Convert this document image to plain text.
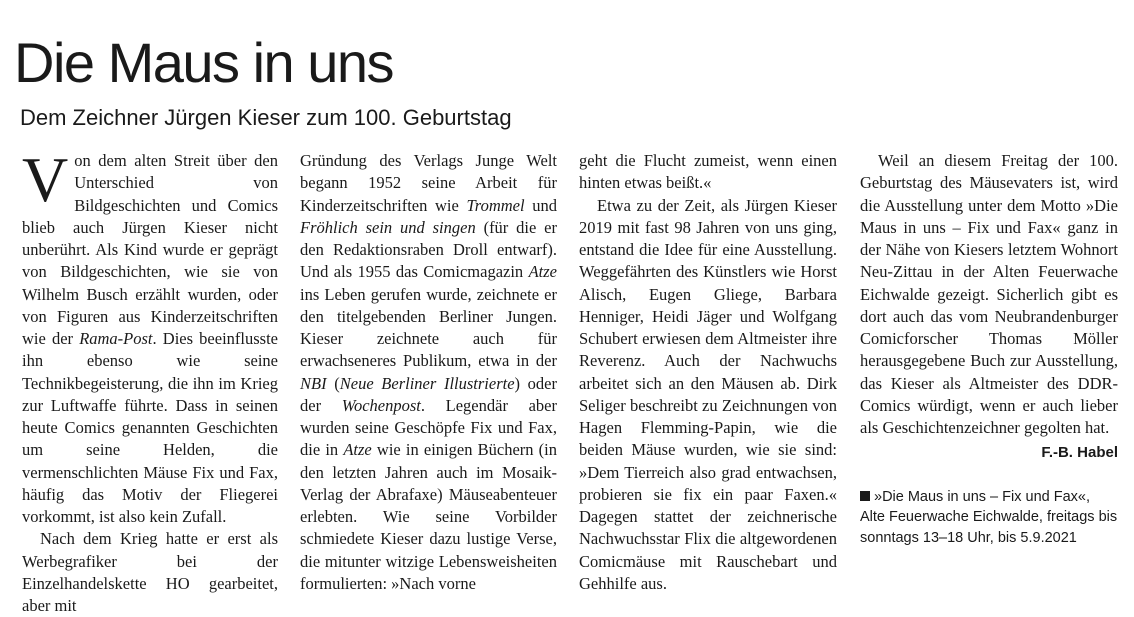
Die Maus in uns
Dem Zeichner Jürgen Kieser zum 100. Geburtstag

Von dem alten Streit über den Unterschied von Bildgeschichten und Comics blieb auch Jürgen Kieser nicht unberührt. Als Kind wurde er geprägt von Bildgeschichten, wie sie von Wilhelm Busch erzählt wurden, oder von Figuren aus Kinderzeitschriften wie der Rama-Post. Dies beeinflusste ihn ebenso wie seine Technikbegeisterung, die ihn im Krieg zur Luftwaffe führte. Dass in seinen heute Comics genannten Geschichten um seine Helden, die vermenschlichten Mäuse Fix und Fax, häufig das Motiv der Fliegerei vorkommt, ist also kein Zufall.

Nach dem Krieg hatte er erst als Werbegrafiker bei der Einzelhandelskette HO gearbeitet, aber mit

Gründung des Verlags Junge Welt begann 1952 seine Arbeit für Kinderzeitschriften wie Trommel und Fröhlich sein und singen (für die er den Redaktionsraben Droll entwarf). Und als 1955 das Comicmagazin Atze ins Leben gerufen wurde, zeichnete er den titelgebenden Berliner Jungen. Kieser zeichnete auch für erwachseneres Publikum, etwa in der NBI (Neue Berliner Illustrierte) oder der Wochenpost. Legendär aber wurden seine Geschöpfe Fix und Fax, die in Atze wie in einigen Büchern (in den letzten Jahren auch im Mosaik-Verlag der Abrafaxe) Mäuseabenteuer erlebten. Wie seine Vorbilder schmiedete Kieser dazu lustige Verse, die mitunter witzige Lebensweisheiten formulierten: »Nach vorne

geht die Flucht zumeist, wenn einen hinten etwas beißt.«

Etwa zu der Zeit, als Jürgen Kieser 2019 mit fast 98 Jahren von uns ging, entstand die Idee für eine Ausstellung. Weggefährten des Künstlers wie Horst Alisch, Eugen Gliege, Barbara Henniger, Heidi Jäger und Wolfgang Schubert erwiesen dem Altmeister ihre Reverenz. Auch der Nachwuchs arbeitet sich an den Mäusen ab. Dirk Seliger beschreibt zu Zeichnungen von Hagen Flemming-Papin, wie die beiden Mäuse wurden, wie sie sind: »Dem Tierreich also grad entwachsen, probieren sie fix ein paar Faxen.« Dagegen stattet der zeichnerische Nachwuchsstar Flix die altgewordenen Comicmäuse mit Rauschebart und Gehhilfe aus.

Weil an diesem Freitag der 100. Geburtstag des Mäusevaters ist, wird die Ausstellung unter dem Motto »Die Maus in uns – Fix und Fax« ganz in der Nähe von Kiesers letztem Wohnort Neu-Zittau in der Alten Feuerwache Eichwalde gezeigt. Sicherlich gibt es dort auch das vom Neubrandenburger Comicforscher Thomas Möller herausgegebene Buch zur Ausstellung, das Kieser als Altmeister des DDR-Comics würdigt, wenn er auch lieber als Geschichtenzeichner gegolten hat.

F.-B. Habel
»Die Maus in uns – Fix und Fax«, Alte Feuerwache Eichwalde, freitags bis sonntags 13–18 Uhr, bis 5.9.2021
